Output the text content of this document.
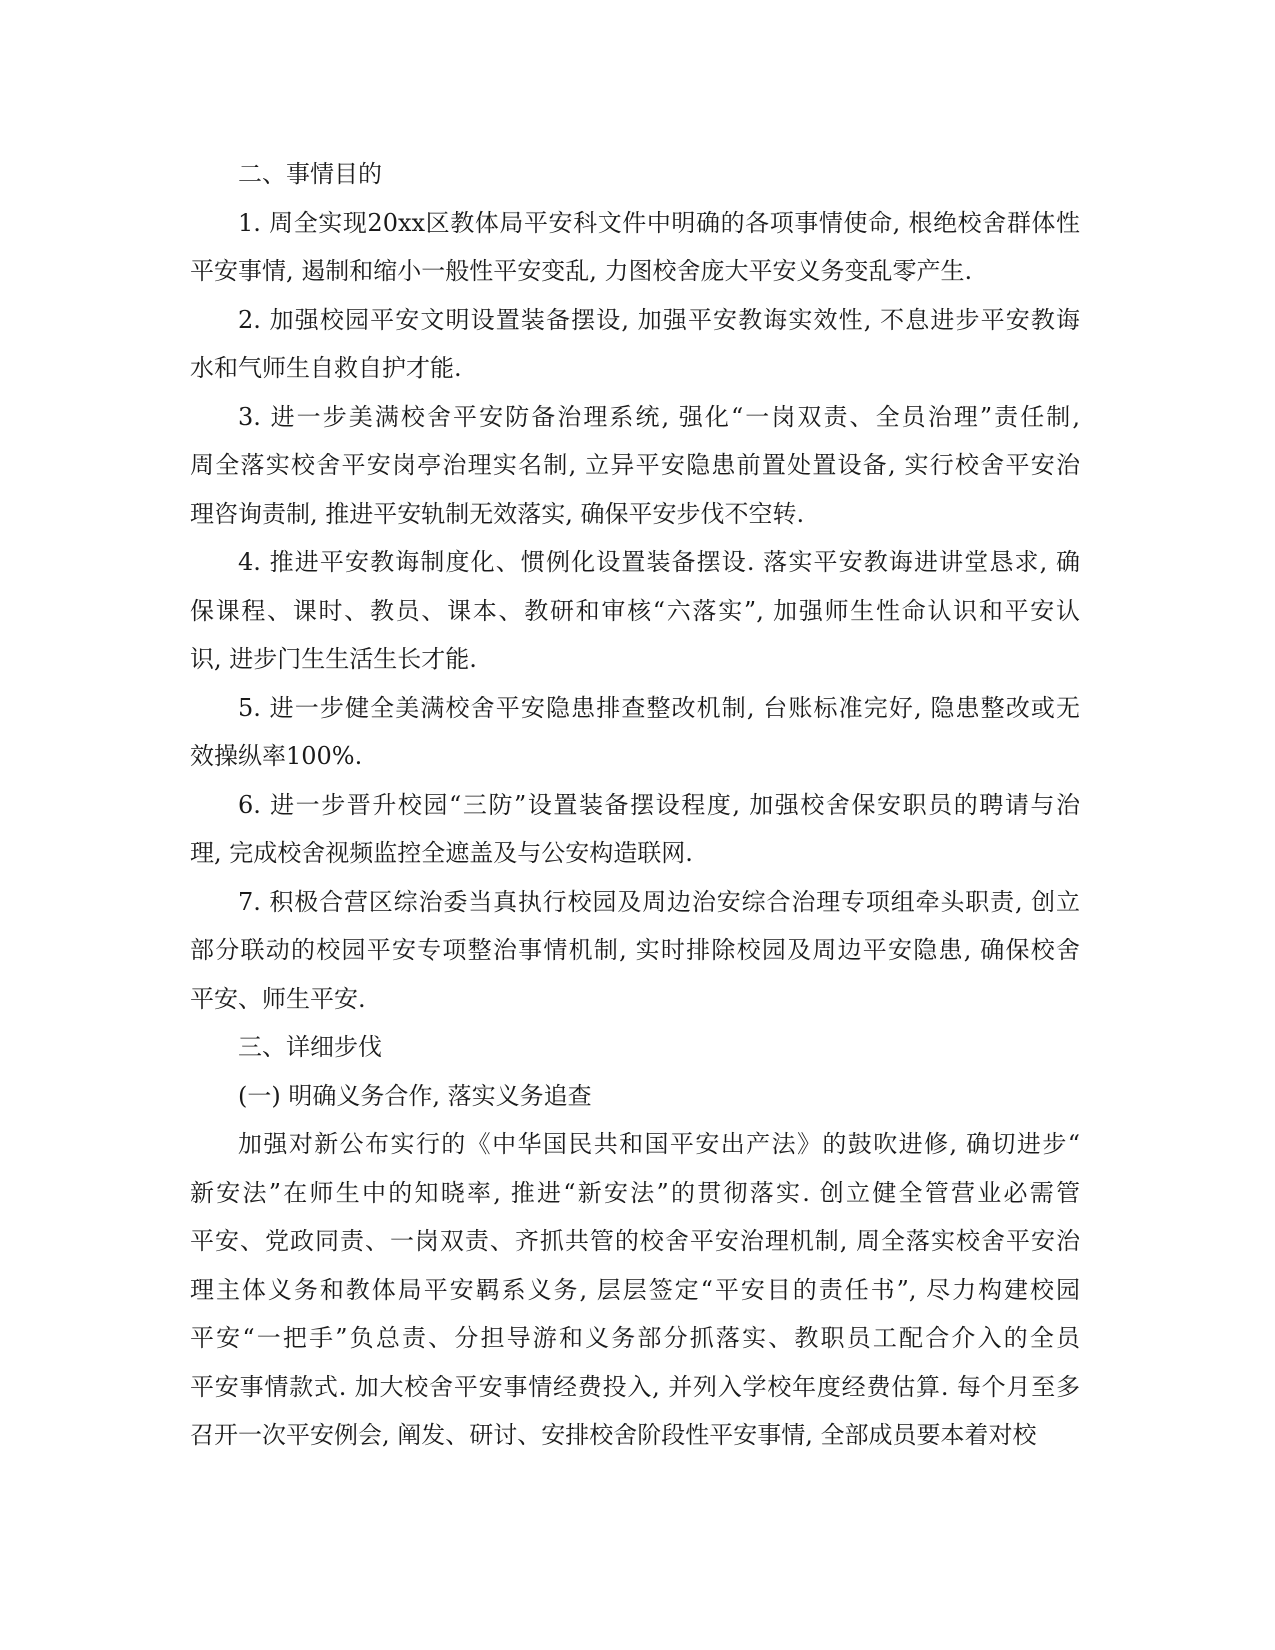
二、事情目的
1. 周全实现20xx区教体局平安科文件中明确的各项事情使命, 根绝校舍群体性
平安事情, 遏制和缩小一般性平安变乱, 力图校舍庞大平安义务变乱零产生.
2. 加强校园平安文明设置装备摆设, 加强平安教诲实效性, 不息进步平安教诲
水和气师生自救自护才能.
3. 进一步美满校舍平安防备治理系统, 强化“一岗双责、全员治理”责任制,
周全落实校舍平安岗亭治理实名制, 立异平安隐患前置处置设备, 实行校舍平安治
理咨询责制, 推进平安轨制无效落实, 确保平安步伐不空转.
4. 推进平安教诲制度化、惯例化设置装备摆设. 落实平安教诲进讲堂恳求, 确
保课程、课时、教员、课本、教研和审核“六落实”, 加强师生性命认识和平安认
识, 进步门生生活生长才能.
5. 进一步健全美满校舍平安隐患排查整改机制, 台账标准完好, 隐患整改或无
效操纵率100%.
6. 进一步晋升校园“三防”设置装备摆设程度, 加强校舍保安职员的聘请与治
理, 完成校舍视频监控全遮盖及与公安构造联网.
7. 积极合营区综治委当真执行校园及周边治安综合治理专项组牵头职责, 创立
部分联动的校园平安专项整治事情机制, 实时排除校园及周边平安隐患, 确保校舍
平安、师生平安.
三、详细步伐
(一) 明确义务合作, 落实义务追查
加强对新公布实行的《中华国民共和国平安出产法》的鼓吹进修, 确切进步“
新安法”在师生中的知晓率, 推进“新安法”的贯彻落实. 创立健全管营业必需管
平安、党政同责、一岗双责、齐抓共管的校舍平安治理机制, 周全落实校舍平安治
理主体义务和教体局平安羁系义务, 层层签定“平安目的责任书”, 尽力构建校园
平安“一把手”负总责、分担导游和义务部分抓落实、教职员工配合介入的全员
平安事情款式. 加大校舍平安事情经费投入, 并列入学校年度经费估算. 每个月至多
召开一次平安例会, 阐发、研讨、安排校舍阶段性平安事情, 全部成员要本着对校
